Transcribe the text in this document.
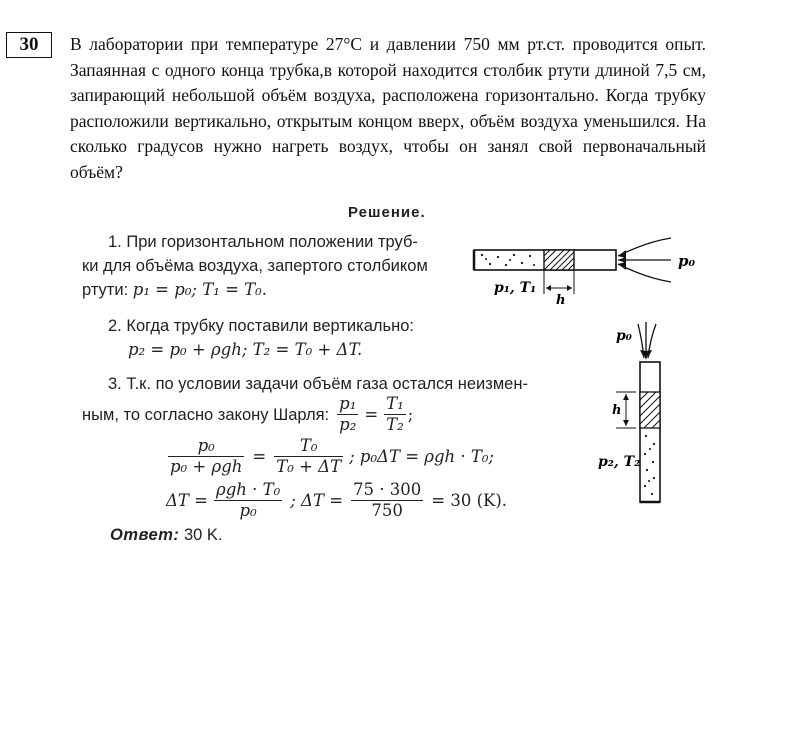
30	В лаборатории при температуре 27°C и давлении 750 мм рт.ст. проводится опыт. Запаянная с одного конца трубка,в которой находится столбик ртути длиной 7,5 см, запирающий небольшой объём воздуха, расположена горизонтально. Когда трубку расположили вертикально, открытым концом вверх, объём воздуха уменьшился. На сколько градусов нужно нагреть воздух, чтобы он занял свой первоначальный объём?
Решение.
1. При горизонтальном положении труб-
ки для объёма воздуха, запертого столбиком
ртути: p₁ = p₀; T₁ = T₀.
2. Когда трубку поставили вертикально:
p₂ = p₀ + ρgh; T₂ = T₀ + ΔT.
3. Т.к. по условии задачи объём газа остался неизмен-
ным, то согласно закону Шарля: $\frac{\text{p₁}}{\text{p₂}} = \frac{\text{T₁}}{\text{T₂}}$ ;
$\frac{\text{p₀}}{\text{p₀ + ρgh}} = \frac{\text{T₀}}{\text{T₀ + ΔT}}$ ; p₀ΔT = ρgh · T₀;
$\Delta T = \frac{\text{ρgh · T₀}}{\text{p₀}}$ ; $\Delta T = \frac{75 \cdot 300}{750} = 30$ (K).
Ответ: 30 K.
p₀
p₁, T₁
h
p₀
h
p₂, T₂
